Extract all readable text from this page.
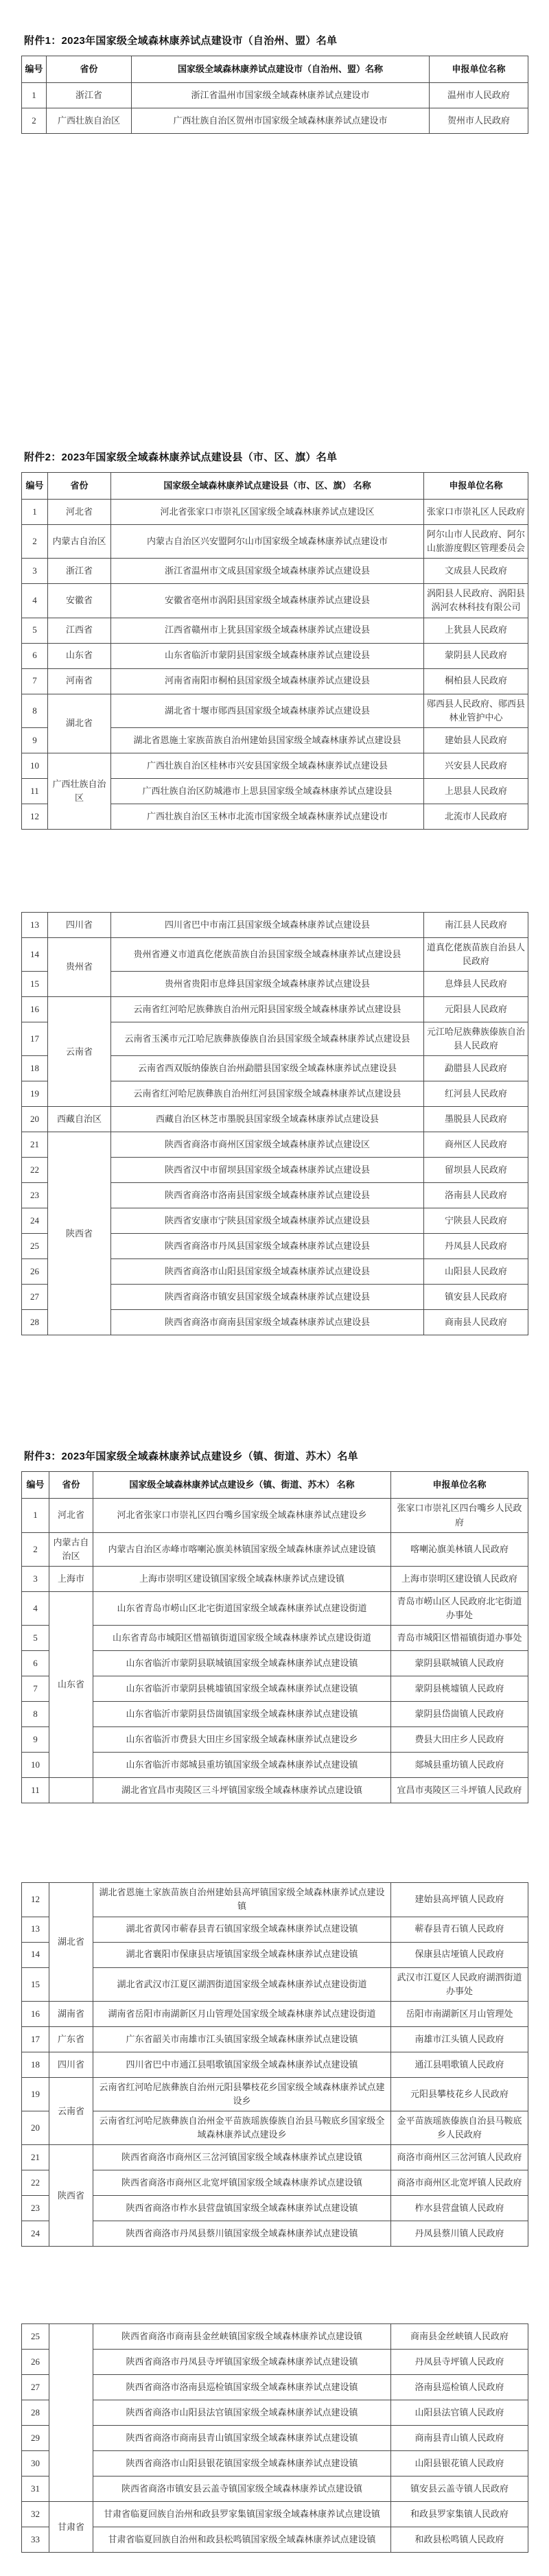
附件1：2023年国家级全域森林康养试点建设市（自治州、盟）名单
编号	省份	国家级全域森林康养试点建设市（自治州、盟）名称	申报单位名称
1	浙江省	浙江省温州市国家级全域森林康养试点建设市	温州市人民政府
2	广西壮族自治区	广西壮族自治区贺州市国家级全域森林康养试点建设市	贺州市人民政府
附件2：2023年国家级全域森林康养试点建设县（市、区、旗）名单
编号	省份	国家级全域森林康养试点建设县（市、区、旗） 名称	申报单位名称
1	河北省	河北省张家口市崇礼区国家级全域森林康养试点建设区	张家口市崇礼区人民政府
2	内蒙古自治区	内蒙古自治区兴安盟阿尔山市国家级全域森林康养试点建设市	阿尔山市人民政府、阿尔山旅游度假区管理委员会
3	浙江省	浙江省温州市文成县国家级全域森林康养试点建设县	文成县人民政府
4	安徽省	安徽省亳州市涡阳县国家级全域森林康养试点建设县	涡阳县人民政府、涡阳县涡河农林科技有限公司
5	江西省	江西省赣州市上犹县国家级全域森林康养试点建设县	上犹县人民政府
6	山东省	山东省临沂市蒙阴县国家级全域森林康养试点建设县	蒙阴县人民政府
7	河南省	河南省南阳市桐柏县国家级全域森林康养试点建设县	桐柏县人民政府
8	湖北省	湖北省十堰市郧西县国家级全域森林康养试点建设县	郧西县人民政府、郧西县林业管护中心
9		湖北省恩施土家族苗族自治州建始县国家级全域森林康养试点建设县	建始县人民政府
10	广西壮族自治区	广西壮族自治区桂林市兴安县国家级全域森林康养试点建设县	兴安县人民政府
11		广西壮族自治区防城港市上思县国家级全域森林康养试点建设县	上思县人民政府
12		广西壮族自治区玉林市北流市国家级全域森林康养试点建设市	北流市人民政府
13	四川省	四川省巴中市南江县国家级全域森林康养试点建设县	南江县人民政府
14	贵州省	贵州省遵义市道真仡佬族苗族自治县国家级全域森林康养试点建设县	道真仡佬族苗族自治县人民政府
15		贵州省贵阳市息烽县国家级全域森林康养试点建设县	息烽县人民政府
16	云南省	云南省红河哈尼族彝族自治州元阳县国家级全域森林康养试点建设县	元阳县人民政府
17		云南省玉溪市元江哈尼族彝族傣族自治县国家级全域森林康养试点建设县	元江哈尼族彝族傣族自治县人民政府
18		云南省西双版纳傣族自治州勐腊县国家级全域森林康养试点建设县	勐腊县人民政府
19		云南省红河哈尼族彝族自治州红河县国家级全域森林康养试点建设县	红河县人民政府
20	西藏自治区	西藏自治区林芝市墨脱县国家级全域森林康养试点建设县	墨脱县人民政府
21	陕西省	陕西省商洛市商州区国家级全域森林康养试点建设区	商州区人民政府
22		陕西省汉中市留坝县国家级全域森林康养试点建设县	留坝县人民政府
23		陕西省商洛市洛南县国家级全域森林康养试点建设县	洛南县人民政府
24		陕西省安康市宁陕县国家级全域森林康养试点建设县	宁陕县人民政府
25		陕西省商洛市丹凤县国家级全域森林康养试点建设县	丹凤县人民政府
26		陕西省商洛市山阳县国家级全域森林康养试点建设县	山阳县人民政府
27		陕西省商洛市镇安县国家级全域森林康养试点建设县	镇安县人民政府
28		陕西省商洛市商南县国家级全域森林康养试点建设县	商南县人民政府
附件3：2023年国家级全域森林康养试点建设乡（镇、街道、苏木）名单
编号	省份	国家级全域森林康养试点建设乡（镇、街道、苏木） 名称	申报单位名称
1	河北省	河北省张家口市崇礼区四台嘴乡国家级全域森林康养试点建设乡	张家口市崇礼区四台嘴乡人民政府
2	内蒙古自治区	内蒙古自治区赤峰市喀喇沁旗美林镇国家级全域森林康养试点建设镇	喀喇沁旗美林镇人民政府
3	上海市	上海市崇明区建设镇国家级全域森林康养试点建设镇	上海市崇明区建设镇人民政府
4	山东省	山东省青岛市崂山区北宅街道国家级全域森林康养试点建设街道	青岛市崂山区人民政府北宅街道办事处
5		山东省青岛市城阳区惜福镇街道国家级全域森林康养试点建设街道	青岛市城阳区惜福镇街道办事处
6		山东省临沂市蒙阴县联城镇国家级全域森林康养试点建设镇	蒙阴县联城镇人民政府
7		山东省临沂市蒙阴县桃墟镇国家级全域森林康养试点建设镇	蒙阴县桃墟镇人民政府
8		山东省临沂市蒙阴县岱崮镇国家级全域森林康养试点建设镇	蒙阴县岱崮镇人民政府
9		山东省临沂市费县大田庄乡国家级全域森林康养试点建设乡	费县大田庄乡人民政府
10		山东省临沂市郯城县重坊镇国家级全域森林康养试点建设镇	郯城县重坊镇人民政府
11		湖北省宜昌市夷陵区三斗坪镇国家级全域森林康养试点建设镇	宜昌市夷陵区三斗坪镇人民政府
12	湖北省	湖北省恩施土家族苗族自治州建始县高坪镇国家级全域森林康养试点建设镇	建始县高坪镇人民政府
13		湖北省黄冈市蕲春县青石镇国家级全域森林康养试点建设镇	蕲春县青石镇人民政府
14		湖北省襄阳市保康县店垭镇国家级全域森林康养试点建设镇	保康县店垭镇人民政府
15		湖北省武汉市江夏区湖泗街道国家级全域森林康养试点建设街道	武汉市江夏区人民政府湖泗街道办事处
16	湖南省	湖南省岳阳市南湖新区月山管理处国家级全域森林康养试点建设街道	岳阳市南湖新区月山管理处
17	广东省	广东省韶关市南雄市江头镇国家级全域森林康养试点建设镇	南雄市江头镇人民政府
18	四川省	四川省巴中市通江县唱歌镇国家级全域森林康养试点建设镇	通江县唱歌镇人民政府
19	云南省	云南省红河哈尼族彝族自治州元阳县攀枝花乡国家级全域森林康养试点建设乡	元阳县攀枝花乡人民政府
20		云南省红河哈尼族彝族自治州金平苗族瑶族傣族自治县马鞍底乡国家级全域森林康养试点建设乡	金平苗族瑶族傣族自治县马鞍底乡人民政府
21	陕西省	陕西省商洛市商州区三岔河镇国家级全域森林康养试点建设镇	商洛市商州区三岔河镇人民政府
22		陕西省商洛市商州区北宽坪镇国家级全域森林康养试点建设镇	商洛市商州区北宽坪镇人民政府
23		陕西省商洛市柞水县营盘镇国家级全域森林康养试点建设镇	柞水县营盘镇人民政府
24		陕西省商洛市丹凤县蔡川镇国家级全域森林康养试点建设镇	丹凤县蔡川镇人民政府
25		陕西省商洛市商南县金丝峡镇国家级全域森林康养试点建设镇	商南县金丝峡镇人民政府
26		陕西省商洛市丹凤县寺坪镇国家级全域森林康养试点建设镇	丹凤县寺坪镇人民政府
27		陕西省商洛市洛南县巡检镇国家级全域森林康养试点建设镇	洛南县巡检镇人民政府
28		陕西省商洛市山阳县法官镇国家级全域森林康养试点建设镇	山阳县法官镇人民政府
29		陕西省商洛市商南县青山镇国家级全域森林康养试点建设镇	商南县青山镇人民政府
30		陕西省商洛市山阳县银花镇国家级全域森林康养试点建设镇	山阳县银花镇人民政府
31		陕西省商洛市镇安县云盖寺镇国家级全域森林康养试点建设镇	镇安县云盖寺镇人民政府
32	甘肃省	甘肃省临夏回族自治州和政县罗家集镇国家级全域森林康养试点建设镇	和政县罗家集镇人民政府
33		甘肃省临夏回族自治州和政县松鸣镇国家级全域森林康养试点建设镇	和政县松鸣镇人民政府
